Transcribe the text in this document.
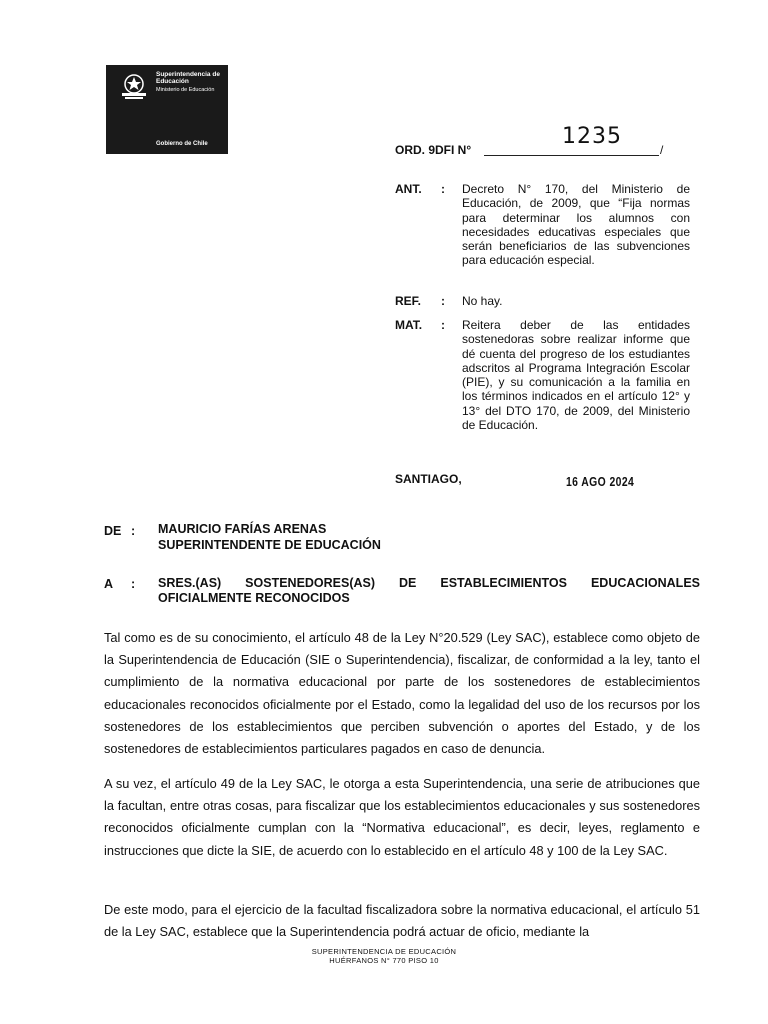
Superintendencia de Educación
Ministerio de Educación
Gobierno de Chile	ORD. 9DFI N°	/
1235
ANT. : Decreto N° 170, del Ministerio de Educación, de 2009, que “Fija normas para determinar los alumnos con necesidades educativas especiales que serán beneficiarios de las subvenciones para educación especial.
REF. : No hay.
MAT. : Reitera deber de las entidades sostenedoras sobre realizar informe que dé cuenta del progreso de los estudiantes adscritos al Programa Integración Escolar (PIE), y su comunicación a la familia en los términos indicados en el artículo 12° y 13° del DTO 170, de 2009, del Ministerio de Educación.
SANTIAGO,	16 AGO 2024
DE : MAURICIO FARÍAS ARENAS
SUPERINTENDENTE DE EDUCACIÓN
A : SRES.(AS) SOSTENEDORES(AS) DE ESTABLECIMIENTOS EDUCACIONALES OFICIALMENTE RECONOCIDOS
Tal como es de su conocimiento, el artículo 48 de la Ley N°20.529 (Ley SAC), establece como objeto de la Superintendencia de Educación (SIE o Superintendencia), fiscalizar, de conformidad a la ley, tanto el cumplimiento de la normativa educacional por parte de los sostenedores de establecimientos educacionales reconocidos oficialmente por el Estado, como la legalidad del uso de los recursos por los sostenedores de los establecimientos que perciben subvención o aportes del Estado, y de los sostenedores de establecimientos particulares pagados en caso de denuncia.
A su vez, el artículo 49 de la Ley SAC, le otorga a esta Superintendencia, una serie de atribuciones que la facultan, entre otras cosas, para fiscalizar que los establecimientos educacionales y sus sostenedores reconocidos oficialmente cumplan con la “Normativa educacional”, es decir, leyes, reglamento e instrucciones que dicte la SIE, de acuerdo con lo establecido en el artículo 48 y 100 de la Ley SAC.
De este modo, para el ejercicio de la facultad fiscalizadora sobre la normativa educacional, el artículo 51 de la Ley SAC, establece que la Superintendencia podrá actuar de oficio, mediante la
SUPERINTENDENCIA DE EDUCACIÓN
HUÉRFANOS N° 770 PISO 10
